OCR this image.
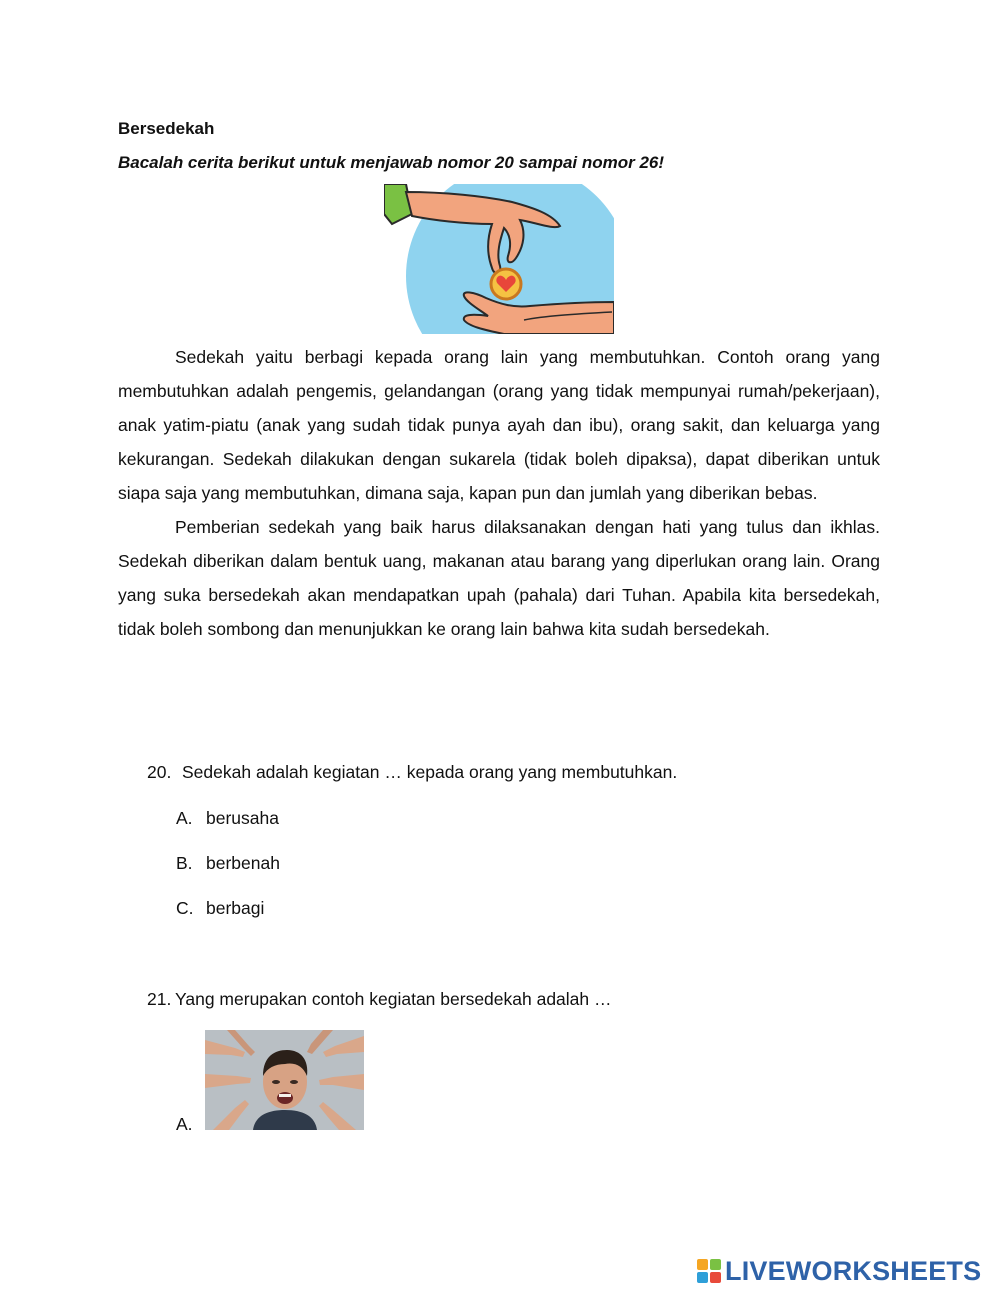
Bersedekah
Bacalah cerita berikut untuk menjawab nomor 20 sampai nomor 26!

Sedekah yaitu berbagi kepada orang lain yang membutuhkan. Contoh orang yang membutuhkan adalah pengemis, gelandangan (orang yang tidak mempunyai rumah/pekerjaan), anak yatim-piatu (anak yang sudah tidak punya ayah dan ibu), orang sakit, dan keluarga yang kekurangan. Sedekah dilakukan dengan sukarela (tidak boleh dipaksa), dapat diberikan untuk siapa saja yang membutuhkan, dimana saja, kapan pun dan jumlah yang diberikan bebas.

Pemberian sedekah yang baik harus dilaksanakan dengan hati yang tulus dan ikhlas. Sedekah diberikan dalam bentuk uang, makanan atau barang yang diperlukan orang lain. Orang yang suka bersedekah akan mendapatkan upah (pahala) dari Tuhan. Apabila kita bersedekah, tidak boleh sombong dan menunjukkan ke orang lain bahwa kita sudah bersedekah.

20. Sedekah adalah kegiatan … kepada orang yang membutuhkan.
A. berusaha
B. berbenah
C. berbagi
21. Yang merupakan contoh kegiatan bersedekah adalah …
A.
LIVEWORKSHEETS
